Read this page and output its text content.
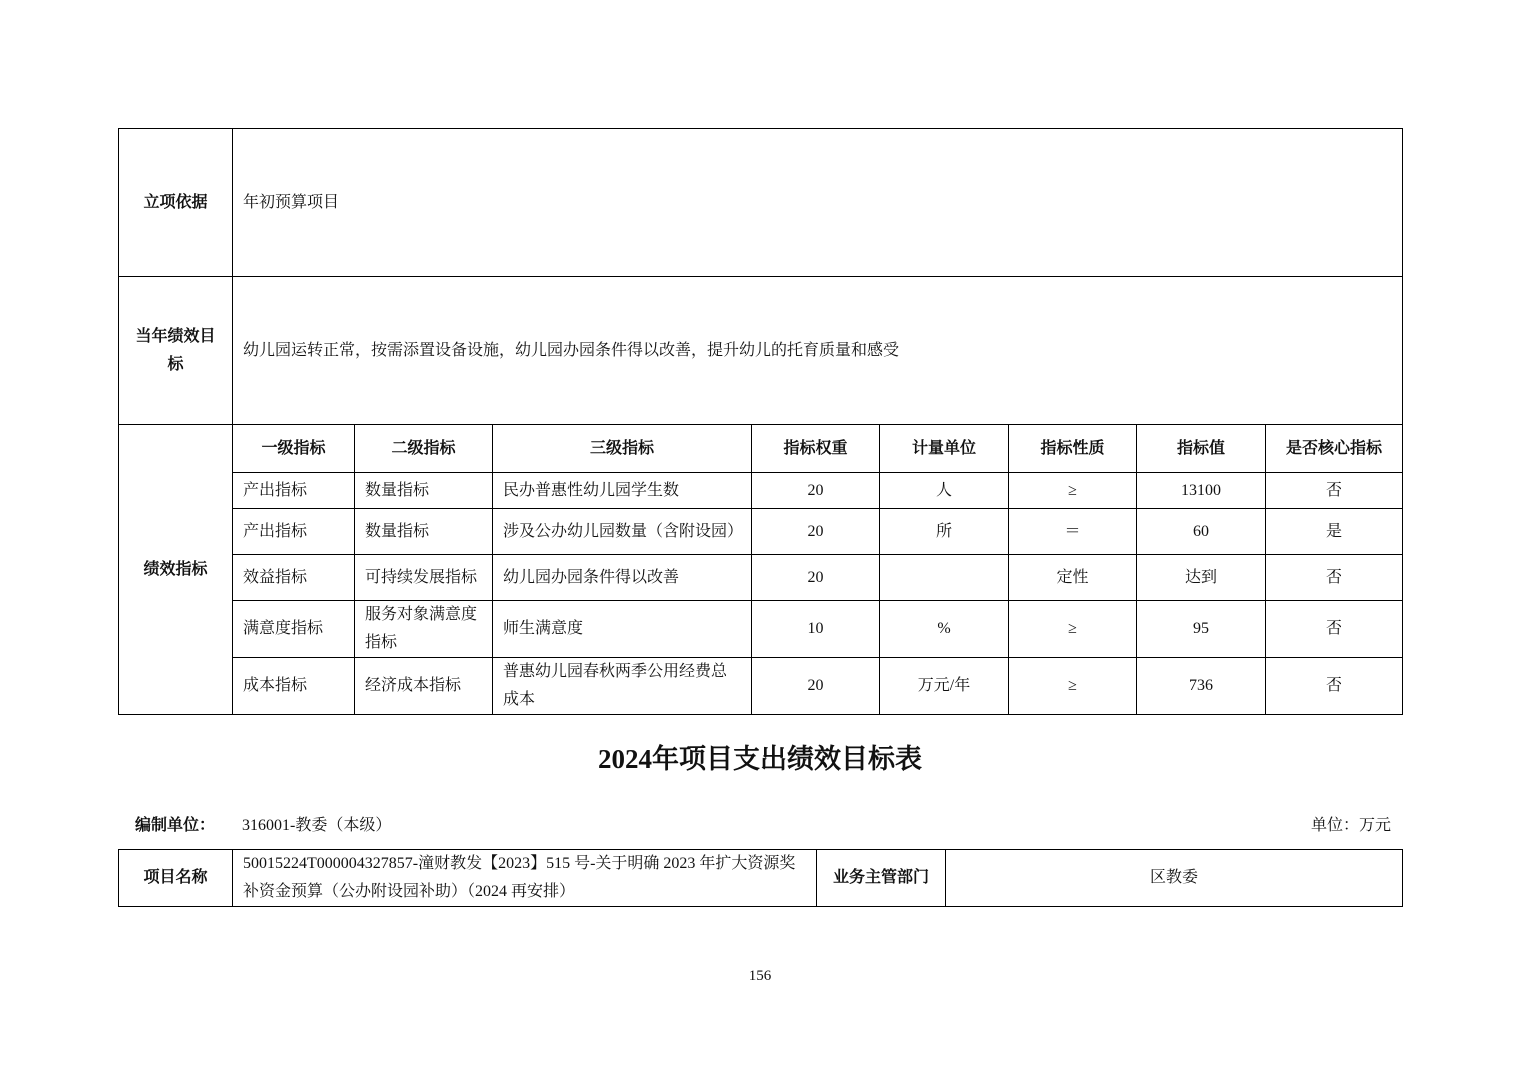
立项依据	年初预算项目							
当年绩效目标	幼儿园运转正常，按需添置设备设施，幼儿园办园条件得以改善，提升幼儿的托育质量和感受							
绩效指标	一级指标	二级指标	三级指标	指标权重	计量单位	指标性质	指标值	是否核心指标
	产出指标	数量指标	民办普惠性幼儿园学生数	20	人	≥	13100	否
	产出指标	数量指标	涉及公办幼儿园数量（含附设园）	20	所	＝	60	是
	效益指标	可持续发展指标	幼儿园办园条件得以改善	20		定性	达到	否
	满意度指标	服务对象满意度指标	师生满意度	10	%	≥	95	否
	成本指标	经济成本指标	普惠幼儿园春秋两季公用经费总成本	20	万元/年	≥	736	否
2024年项目支出绩效目标表
编制单位： 316001-教委（本级）	单位：万元
项目名称	50015224T000004327857-潼财教发【2023】515 号-关于明确 2023 年扩大资源奖补资金预算（公办附设园补助）（2024 再安排）	业务主管部门	区教委
156
